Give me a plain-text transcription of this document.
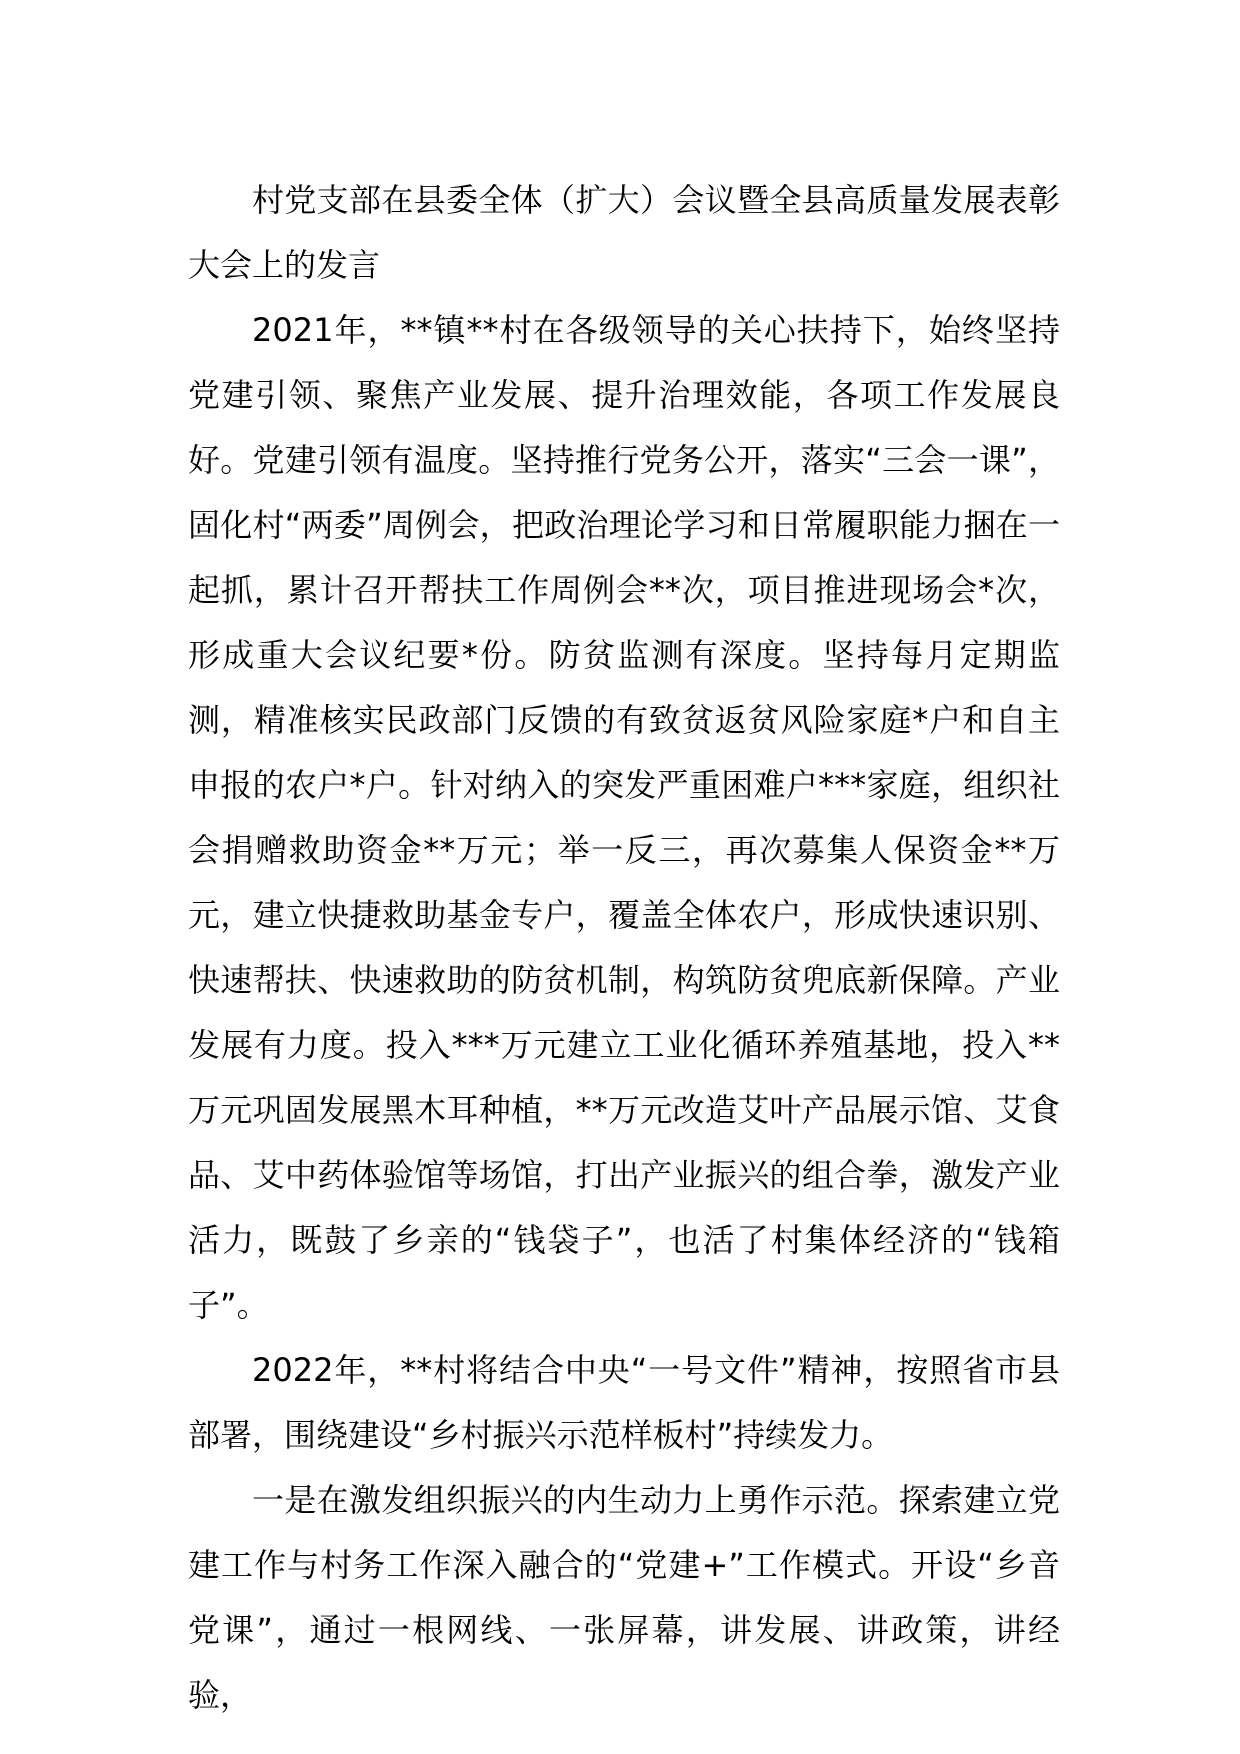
村党支部在县委全体（扩大）会议暨全县高质量发展表彰大会上的发言

2021年，**镇**村在各级领导的关心扶持下，始终坚持党建引领、聚焦产业发展、提升治理效能，各项工作发展良好。党建引领有温度。坚持推行党务公开，落实“三会一课”，固化村“两委”周例会，把政治理论学习和日常履职能力捆在一起抓，累计召开帮扶工作周例会**次，项目推进现场会*次，形成重大会议纪要*份。防贫监测有深度。坚持每月定期监测，精准核实民政部门反馈的有致贫返贫风险家庭*户和自主申报的农户*户。针对纳入的突发严重困难户***家庭，组织社会捐赠救助资金**万元；举一反三，再次募集人保资金**万元，建立快捷救助基金专户，覆盖全体农户，形成快速识别、快速帮扶、快速救助的防贫机制，构筑防贫兜底新保障。产业发展有力度。投入***万元建立工业化循环养殖基地，投入**万元巩固发展黑木耳种植，**万元改造艾叶产品展示馆、艾食品、艾中药体验馆等场馆，打出产业振兴的组合拳，激发产业活力，既鼓了乡亲的“钱袋子”，也活了村集体经济的“钱箱子”。

2022年，**村将结合中央“一号文件”精神，按照省市县部署，围绕建设“乡村振兴示范样板村”持续发力。

一是在激发组织振兴的内生动力上勇作示范。探索建立党建工作与村务工作深入融合的“党建+”工作模式。开设“乡音党课”，通过一根网线、一张屏幕，讲发展、讲政策，讲经验，
